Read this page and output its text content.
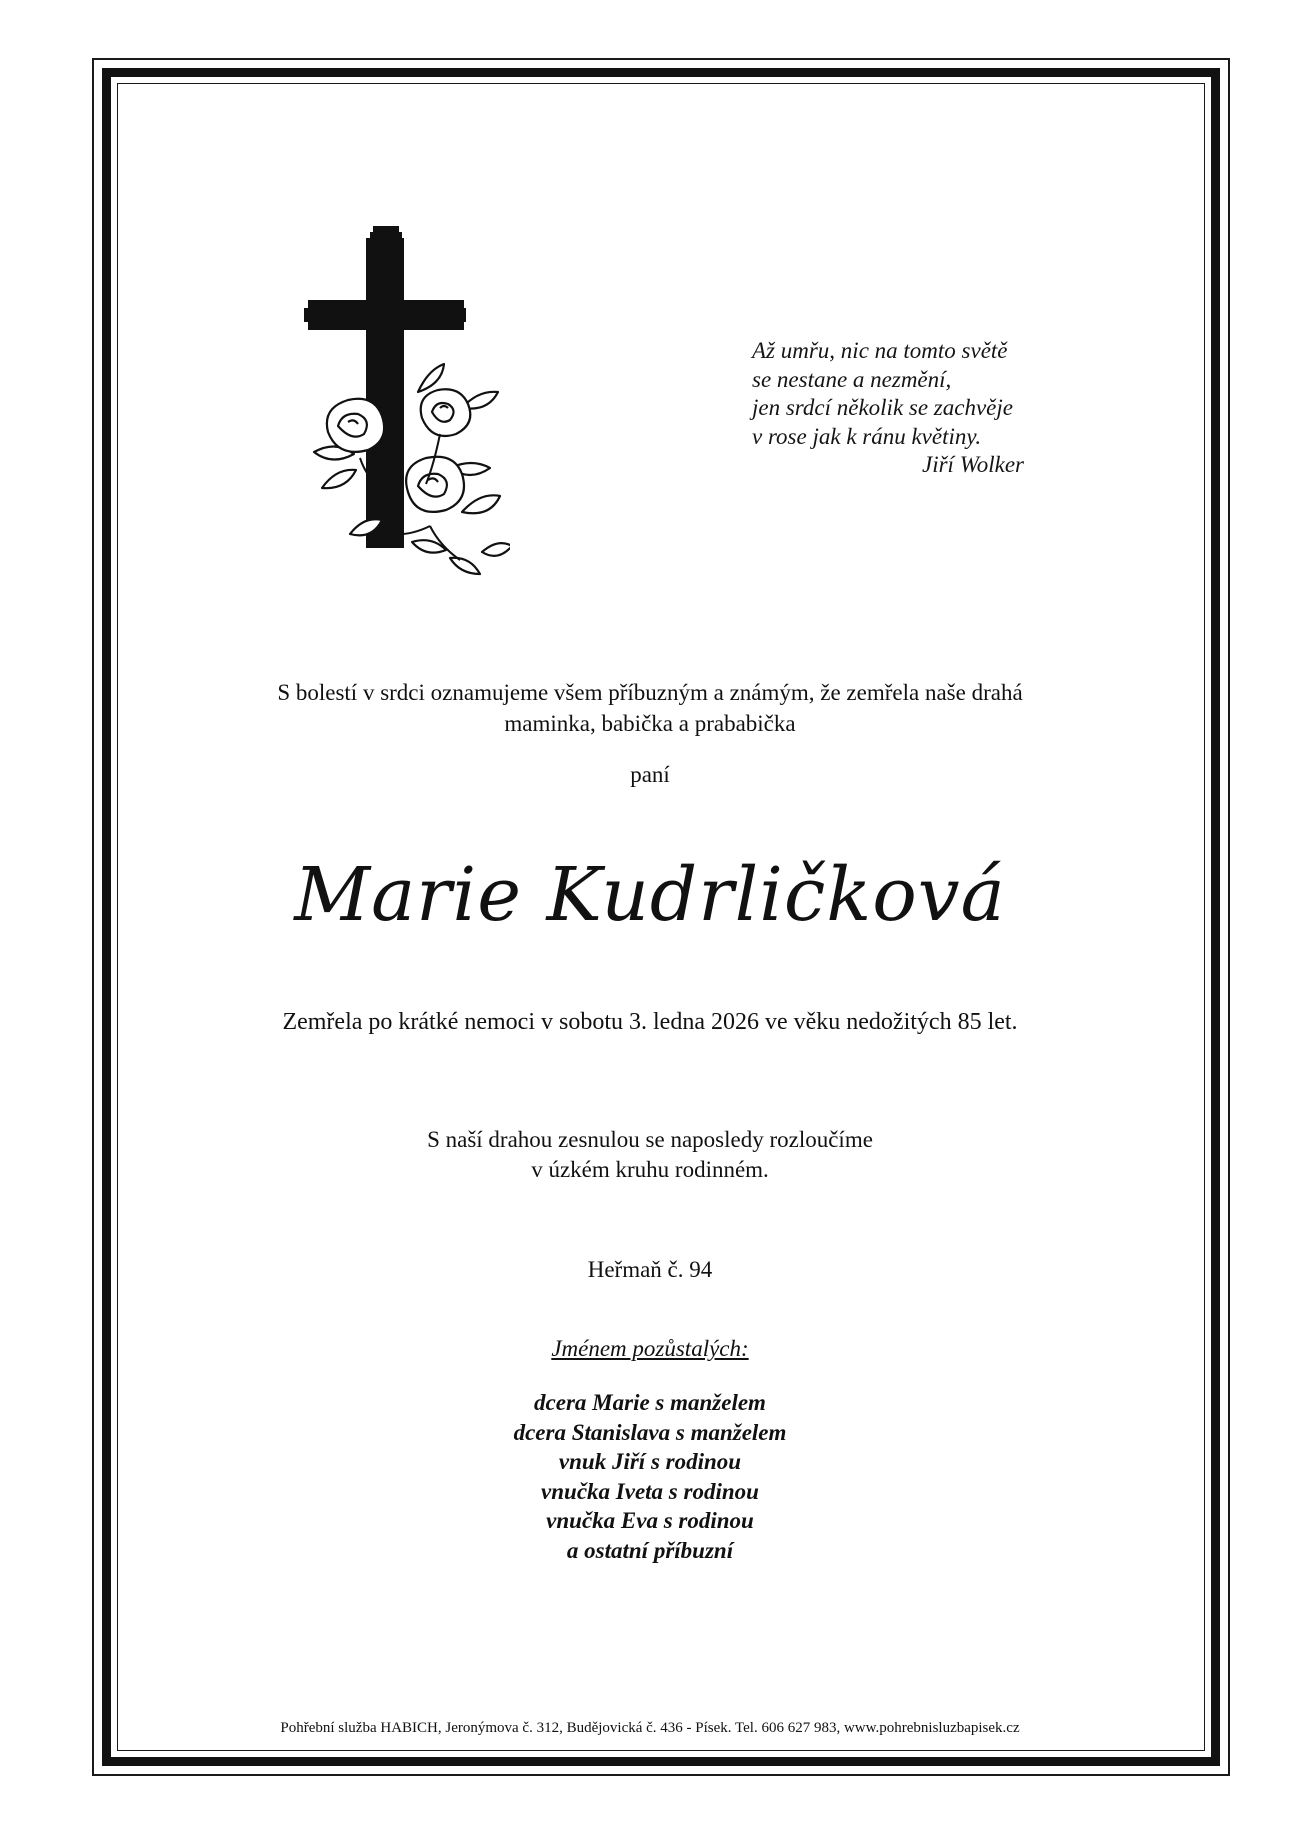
Až umřu, nic na tomto světě
se nestane a nezmění,
jen srdcí několik se zachvěje
v rose jak k ránu květiny.
Jiří Wolker
S bolestí v srdci oznamujeme všem příbuzným a známým, že zemřela naše drahá
maminka, babička a prababička
paní
Marie Kudrličková
Zemřela po krátké nemoci v sobotu 3. ledna 2026 ve věku nedožitých 85 let.
S naší drahou zesnulou se naposledy rozloučíme
v úzkém kruhu rodinném.
Heřmaň č. 94
Jménem pozůstalých:
dcera Marie s manželem
dcera Stanislava s manželem
vnuk Jiří s rodinou
vnučka Iveta s rodinou
vnučka Eva s rodinou
a ostatní příbuzní
Pohřební služba HABICH, Jeronýmova č. 312, Budějovická č. 436 - Písek. Tel. 606 627 983, www.pohrebnisluzbapisek.cz
